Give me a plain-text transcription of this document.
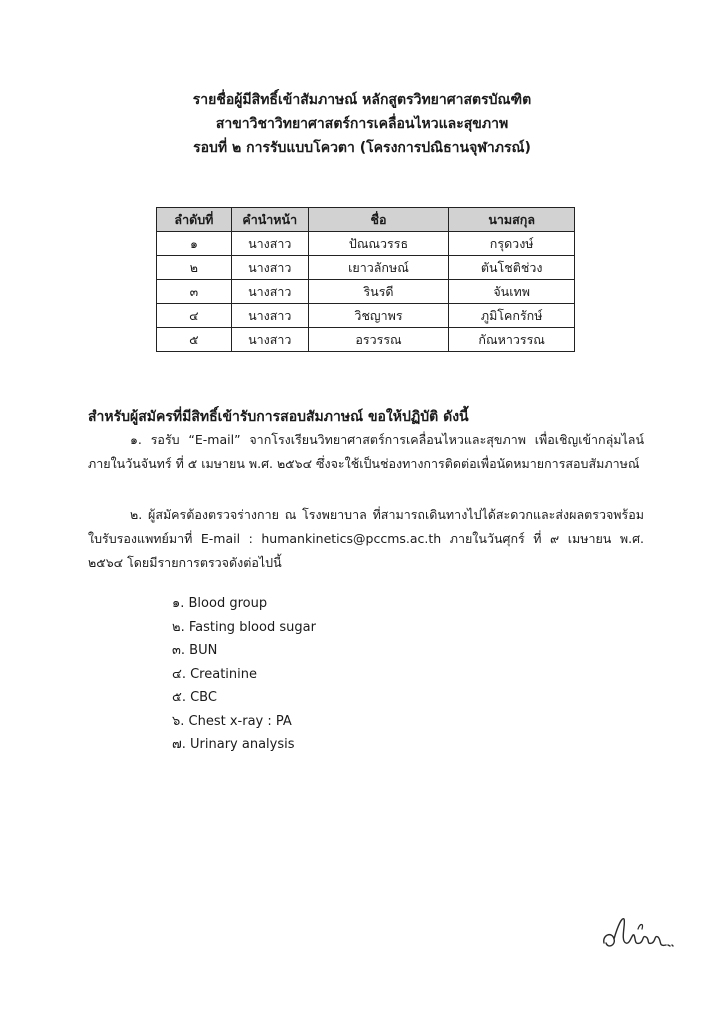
รายชื่อผู้มีสิทธิ์เข้าสัมภาษณ์ หลักสูตรวิทยาศาสตรบัณฑิต
สาขาวิชาวิทยาศาสตร์การเคลื่อนไหวและสุขภาพ
รอบที่ ๒ การรับแบบโควตา (โครงการปณิธานจุฬาภรณ์)
ลำดับที่	คำนำหน้า	ชื่อ	นามสกุล
๑	นางสาว	ปัณณวรรธ	กรุดวงษ์
๒	นางสาว	เยาวลักษณ์	ตันโชติช่วง
๓	นางสาว	รินรดี	จันเทพ
๔	นางสาว	วิชญาพร	ภูมิโคกรักษ์
๕	นางสาว	อรวรรณ	กัณหาวรรณ
สำหรับผู้สมัครที่มีสิทธิ์เข้ารับการสอบสัมภาษณ์ ขอให้ปฏิบัติ ดังนี้
๑. รอรับ “E-mail” จากโรงเรียนวิทยาศาสตร์การเคลื่อนไหวและสุขภาพ เพื่อเชิญเข้ากลุ่มไลน์ ภายในวันจันทร์ ที่ ๕ เมษายน พ.ศ. ๒๕๖๔ ซึ่งจะใช้เป็นช่องทางการติดต่อเพื่อนัดหมายการสอบสัมภาษณ์
๒. ผู้สมัครต้องตรวจร่างกาย ณ โรงพยาบาล ที่สามารถเดินทางไปได้สะดวกและส่งผลตรวจพร้อมใบรับรองแพทย์มาที่ E-mail : humankinetics@pccms.ac.th ภายในวันศุกร์ ที่ ๙ เมษายน พ.ศ. ๒๕๖๔ โดยมีรายการตรวจดังต่อไปนี้
๑. Blood group
๒. Fasting blood sugar
๓. BUN
๔. Creatinine
๕. CBC
๖. Chest x-ray : PA
๗. Urinary analysis
